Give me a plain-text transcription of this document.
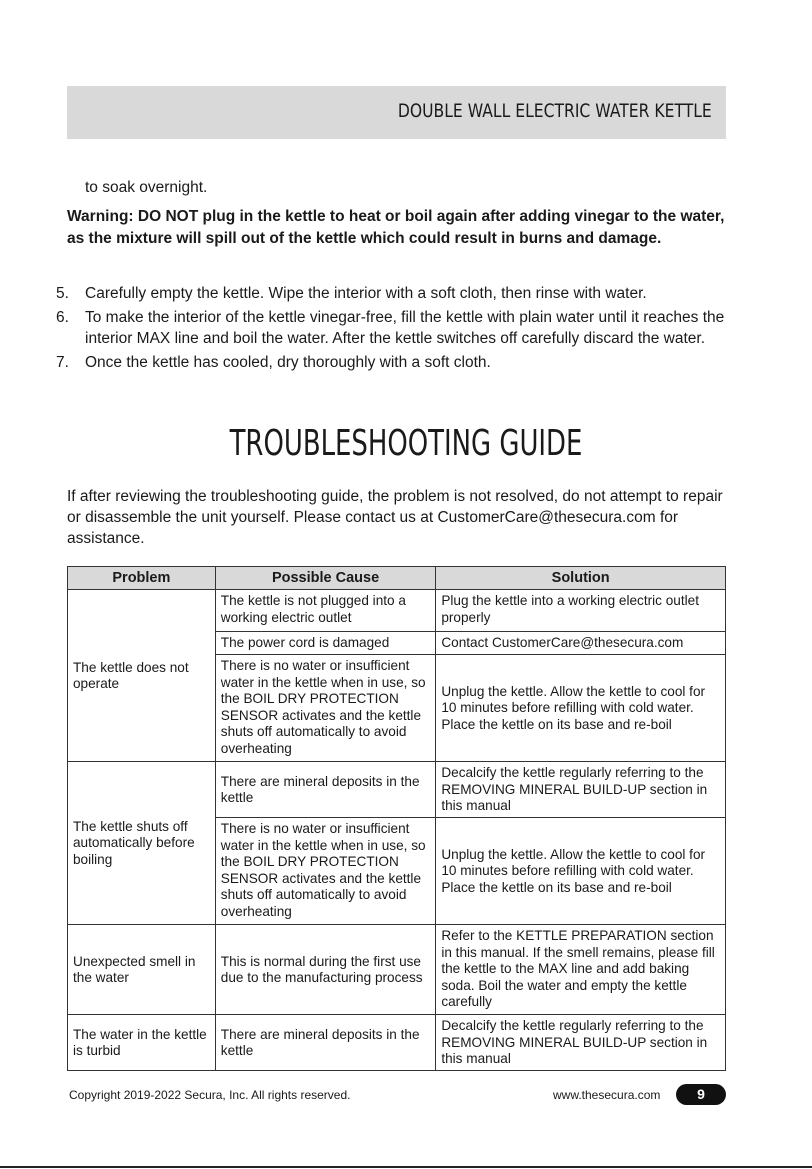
DOUBLE WALL ELECTRIC WATER KETTLE
to soak overnight.
Warning: DO NOT plug in the kettle to heat or boil again after adding vinegar to the water, as the mixture will spill out of the kettle which could result in burns and damage.
5.	Carefully empty the kettle. Wipe the interior with a soft cloth, then rinse with water.
6.	To make the interior of the kettle vinegar-free, fill the kettle with plain water until it reaches the interior MAX line and boil the water. After the kettle switches off carefully discard the water.
7.	Once the kettle has cooled, dry thoroughly with a soft cloth.
TROUBLESHOOTING GUIDE
If after reviewing the troubleshooting guide, the problem is not resolved, do not attempt to repair or disassemble the unit yourself. Please contact us at CustomerCare@thesecura.com for assistance.
Problem	Possible Cause	Solution
The kettle does not operate	The kettle is not plugged into a working electric outlet	Plug the kettle into a working electric outlet properly
	The power cord is damaged	Contact CustomerCare@thesecura.com
	There is no water or insufficient water in the kettle when in use, so the BOIL DRY PROTECTION SENSOR activates and the kettle shuts off automatically to avoid overheating	Unplug the kettle. Allow the kettle to cool for 10 minutes before refilling with cold water. Place the kettle on its base and re-boil
The kettle shuts off automatically before boiling	There are mineral deposits in the kettle	Decalcify the kettle regularly referring to the REMOVING MINERAL BUILD-UP section in this manual
	There is no water or insufficient water in the kettle when in use, so the BOIL DRY PROTECTION SENSOR activates and the kettle shuts off automatically to avoid overheating	Unplug the kettle. Allow the kettle to cool for 10 minutes before refilling with cold water. Place the kettle on its base and re-boil
Unexpected smell in the water	This is normal during the first use due to the manufacturing process	Refer to the KETTLE PREPARATION section in this manual. If the smell remains, please fill the kettle to the MAX line and add baking soda. Boil the water and empty the kettle carefully
The water in the kettle is turbid	There are mineral deposits in the kettle	Decalcify the kettle regularly referring to the REMOVING MINERAL BUILD-UP section in this manual
Copyright 2019-2022 Secura, Inc. All rights reserved.	www.thesecura.com	9
